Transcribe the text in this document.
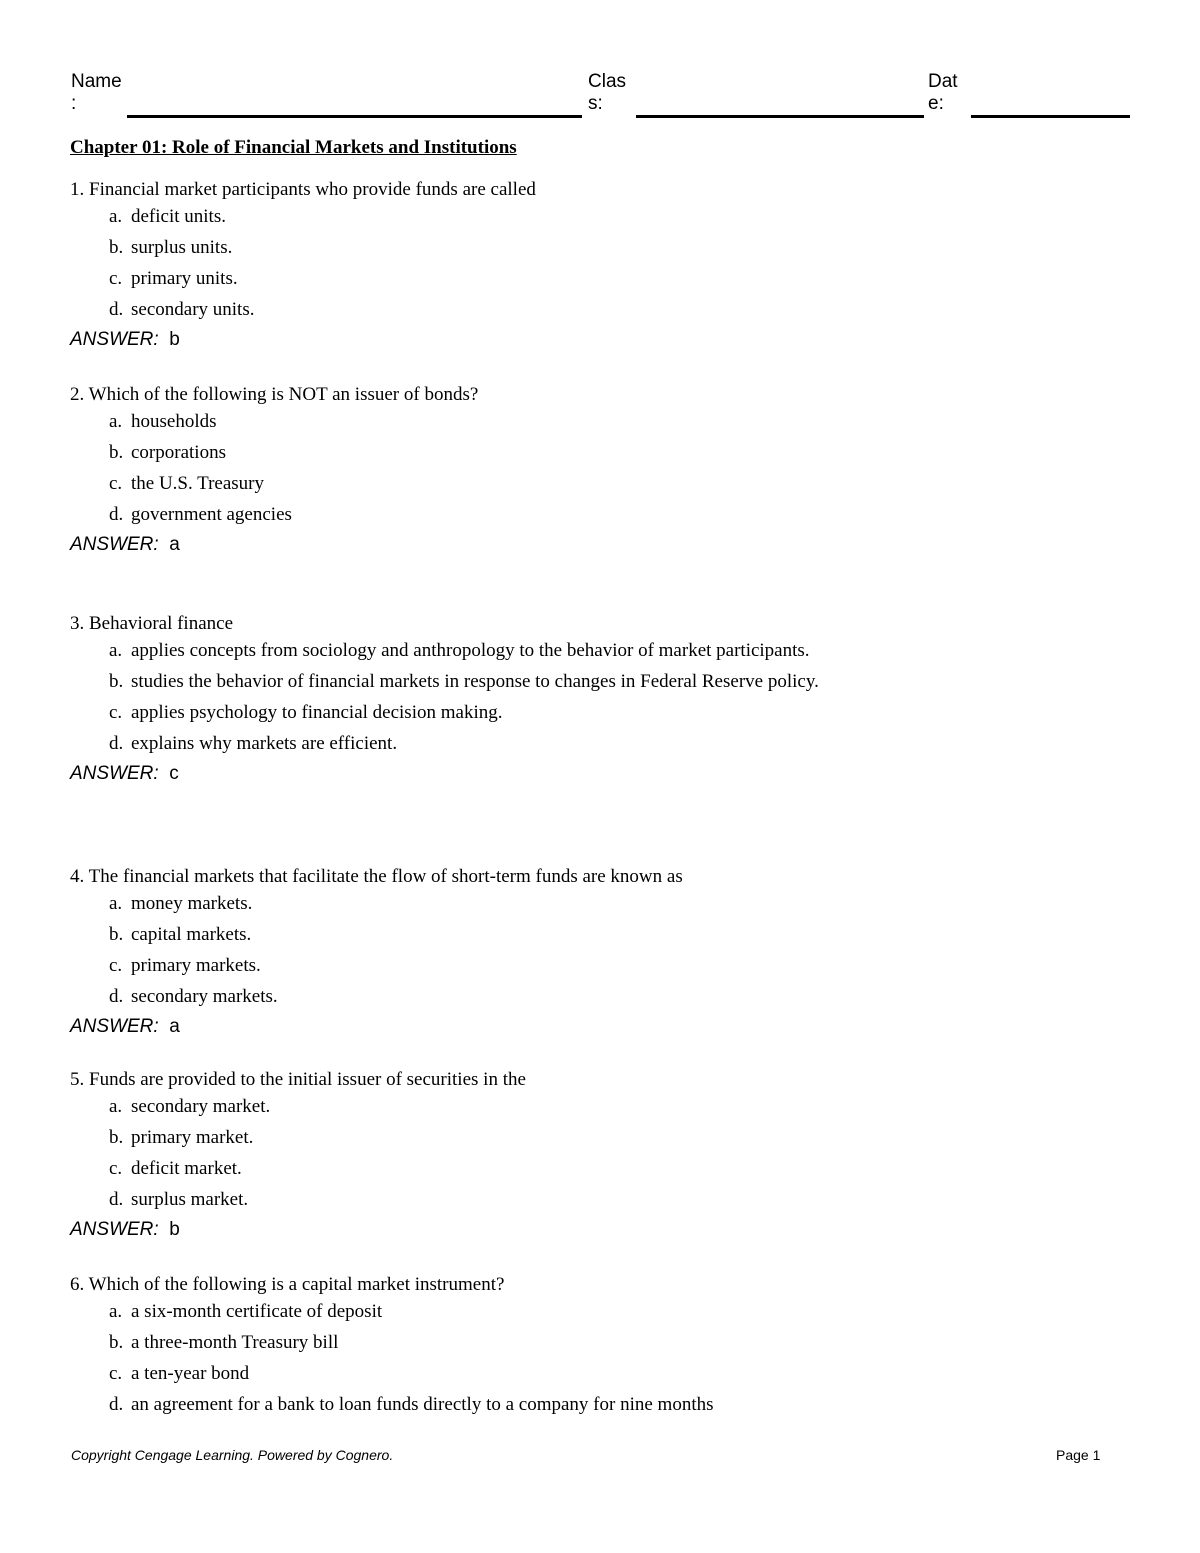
Name
:
Clas
s:
Dat
e:
Chapter 01: Role of Financial Markets and Institutions
1. Financial market participants who provide funds are called
a. deficit units.
b. surplus units.
c. primary units.
d. secondary units.
ANSWER: b
2. Which of the following is NOT an issuer of bonds?
a. households
b. corporations
c. the U.S. Treasury
d. government agencies
ANSWER: a
3. Behavioral finance
a. applies concepts from sociology and anthropology to the behavior of market participants.
b. studies the behavior of financial markets in response to changes in Federal Reserve policy.
c. applies psychology to financial decision making.
d. explains why markets are efficient.
ANSWER: c
4. The financial markets that facilitate the flow of short-term funds are known as
a. money markets.
b. capital markets.
c. primary markets.
d. secondary markets.
ANSWER: a
5. Funds are provided to the initial issuer of securities in the
a. secondary market.
b. primary market.
c. deficit market.
d. surplus market.
ANSWER: b
6. Which of the following is a capital market instrument?
a. a six-month certificate of deposit
b. a three-month Treasury bill
c. a ten-year bond
d. an agreement for a bank to loan funds directly to a company for nine months
Copyright Cengage Learning. Powered by Cognero.	Page 1
